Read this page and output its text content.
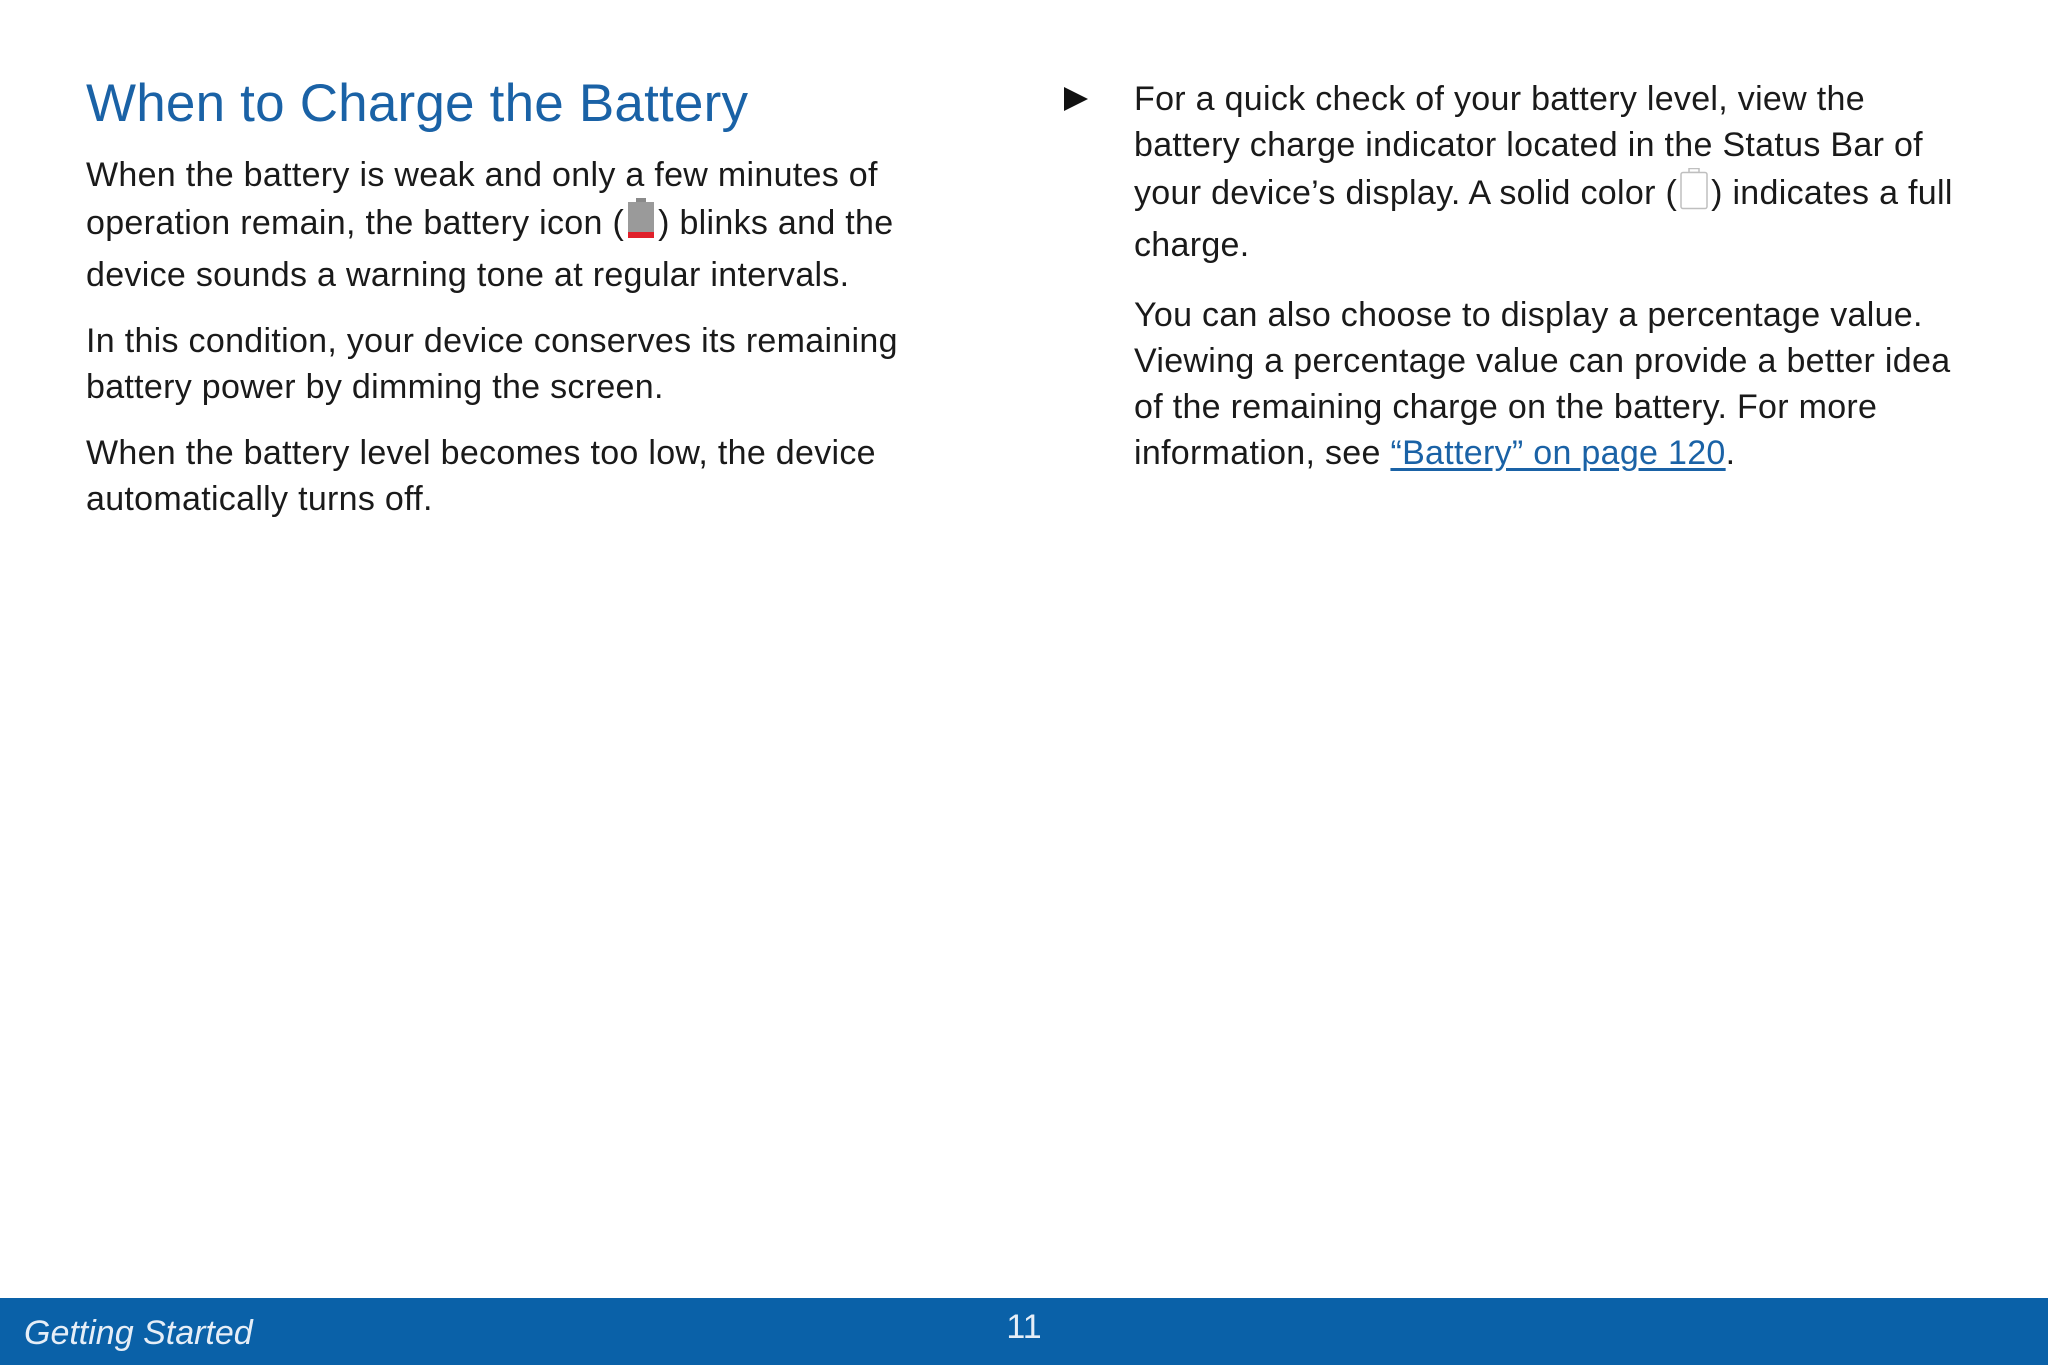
When to Charge the Battery

When the battery is weak and only a few minutes of operation remain, the battery icon ( ) blinks and the device sounds a warning tone at regular intervals.

In this condition, your device conserves its remaining battery power by dimming the screen.

When the battery level becomes too low, the device automatically turns off.

For a quick check of your battery level, view the battery charge indicator located in the Status Bar of your device’s display. A solid color ( ) indicates a full charge.

You can also choose to display a percentage value. Viewing a percentage value can provide a better idea of the remaining charge on the battery. For more information, see “Battery” on page 120.

Getting Started	11
